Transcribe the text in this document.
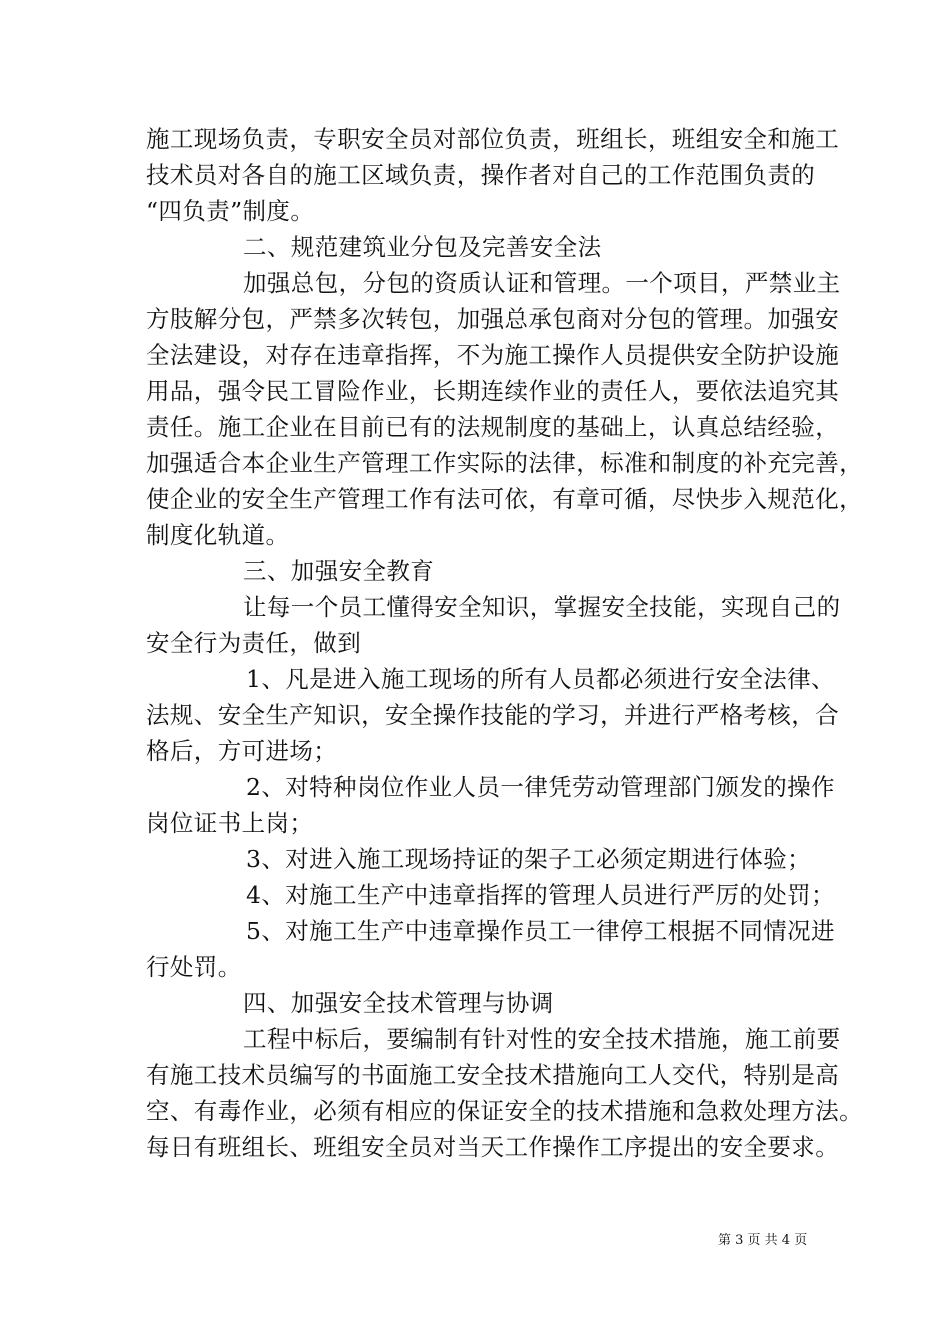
施工现场负责，专职安全员对部位负责，班组长，班组安全和施工
技术员对各自的施工区域负责，操作者对自己的工作范围负责的
“四负责”制度。
二、规范建筑业分包及完善安全法
加强总包，分包的资质认证和管理。一个项目，严禁业主
方肢解分包，严禁多次转包，加强总承包商对分包的管理。加强安
全法建设，对存在违章指挥，不为施工操作人员提供安全防护设施
用品，强令民工冒险作业，长期连续作业的责任人，要依法追究其
责任。施工企业在目前已有的法规制度的基础上，认真总结经验，
加强适合本企业生产管理工作实际的法律，标准和制度的补充完善，
使企业的安全生产管理工作有法可依，有章可循，尽快步入规范化，
制度化轨道。
三、加强安全教育
让每一个员工懂得安全知识，掌握安全技能，实现自己的
安全行为责任，做到
1、凡是进入施工现场的所有人员都必须进行安全法律、
法规、安全生产知识，安全操作技能的学习，并进行严格考核，合
格后，方可进场；
2、对特种岗位作业人员一律凭劳动管理部门颁发的操作
岗位证书上岗；
3、对进入施工现场持证的架子工必须定期进行体验；
4、对施工生产中违章指挥的管理人员进行严厉的处罚；
5、对施工生产中违章操作员工一律停工根据不同情况进
行处罚。
四、加强安全技术管理与协调
工程中标后，要编制有针对性的安全技术措施，施工前要
有施工技术员编写的书面施工安全技术措施向工人交代，特别是高
空、有毒作业，必须有相应的保证安全的技术措施和急救处理方法。
每日有班组长、班组安全员对当天工作操作工序提出的安全要求。
第 3 页 共 4 页
